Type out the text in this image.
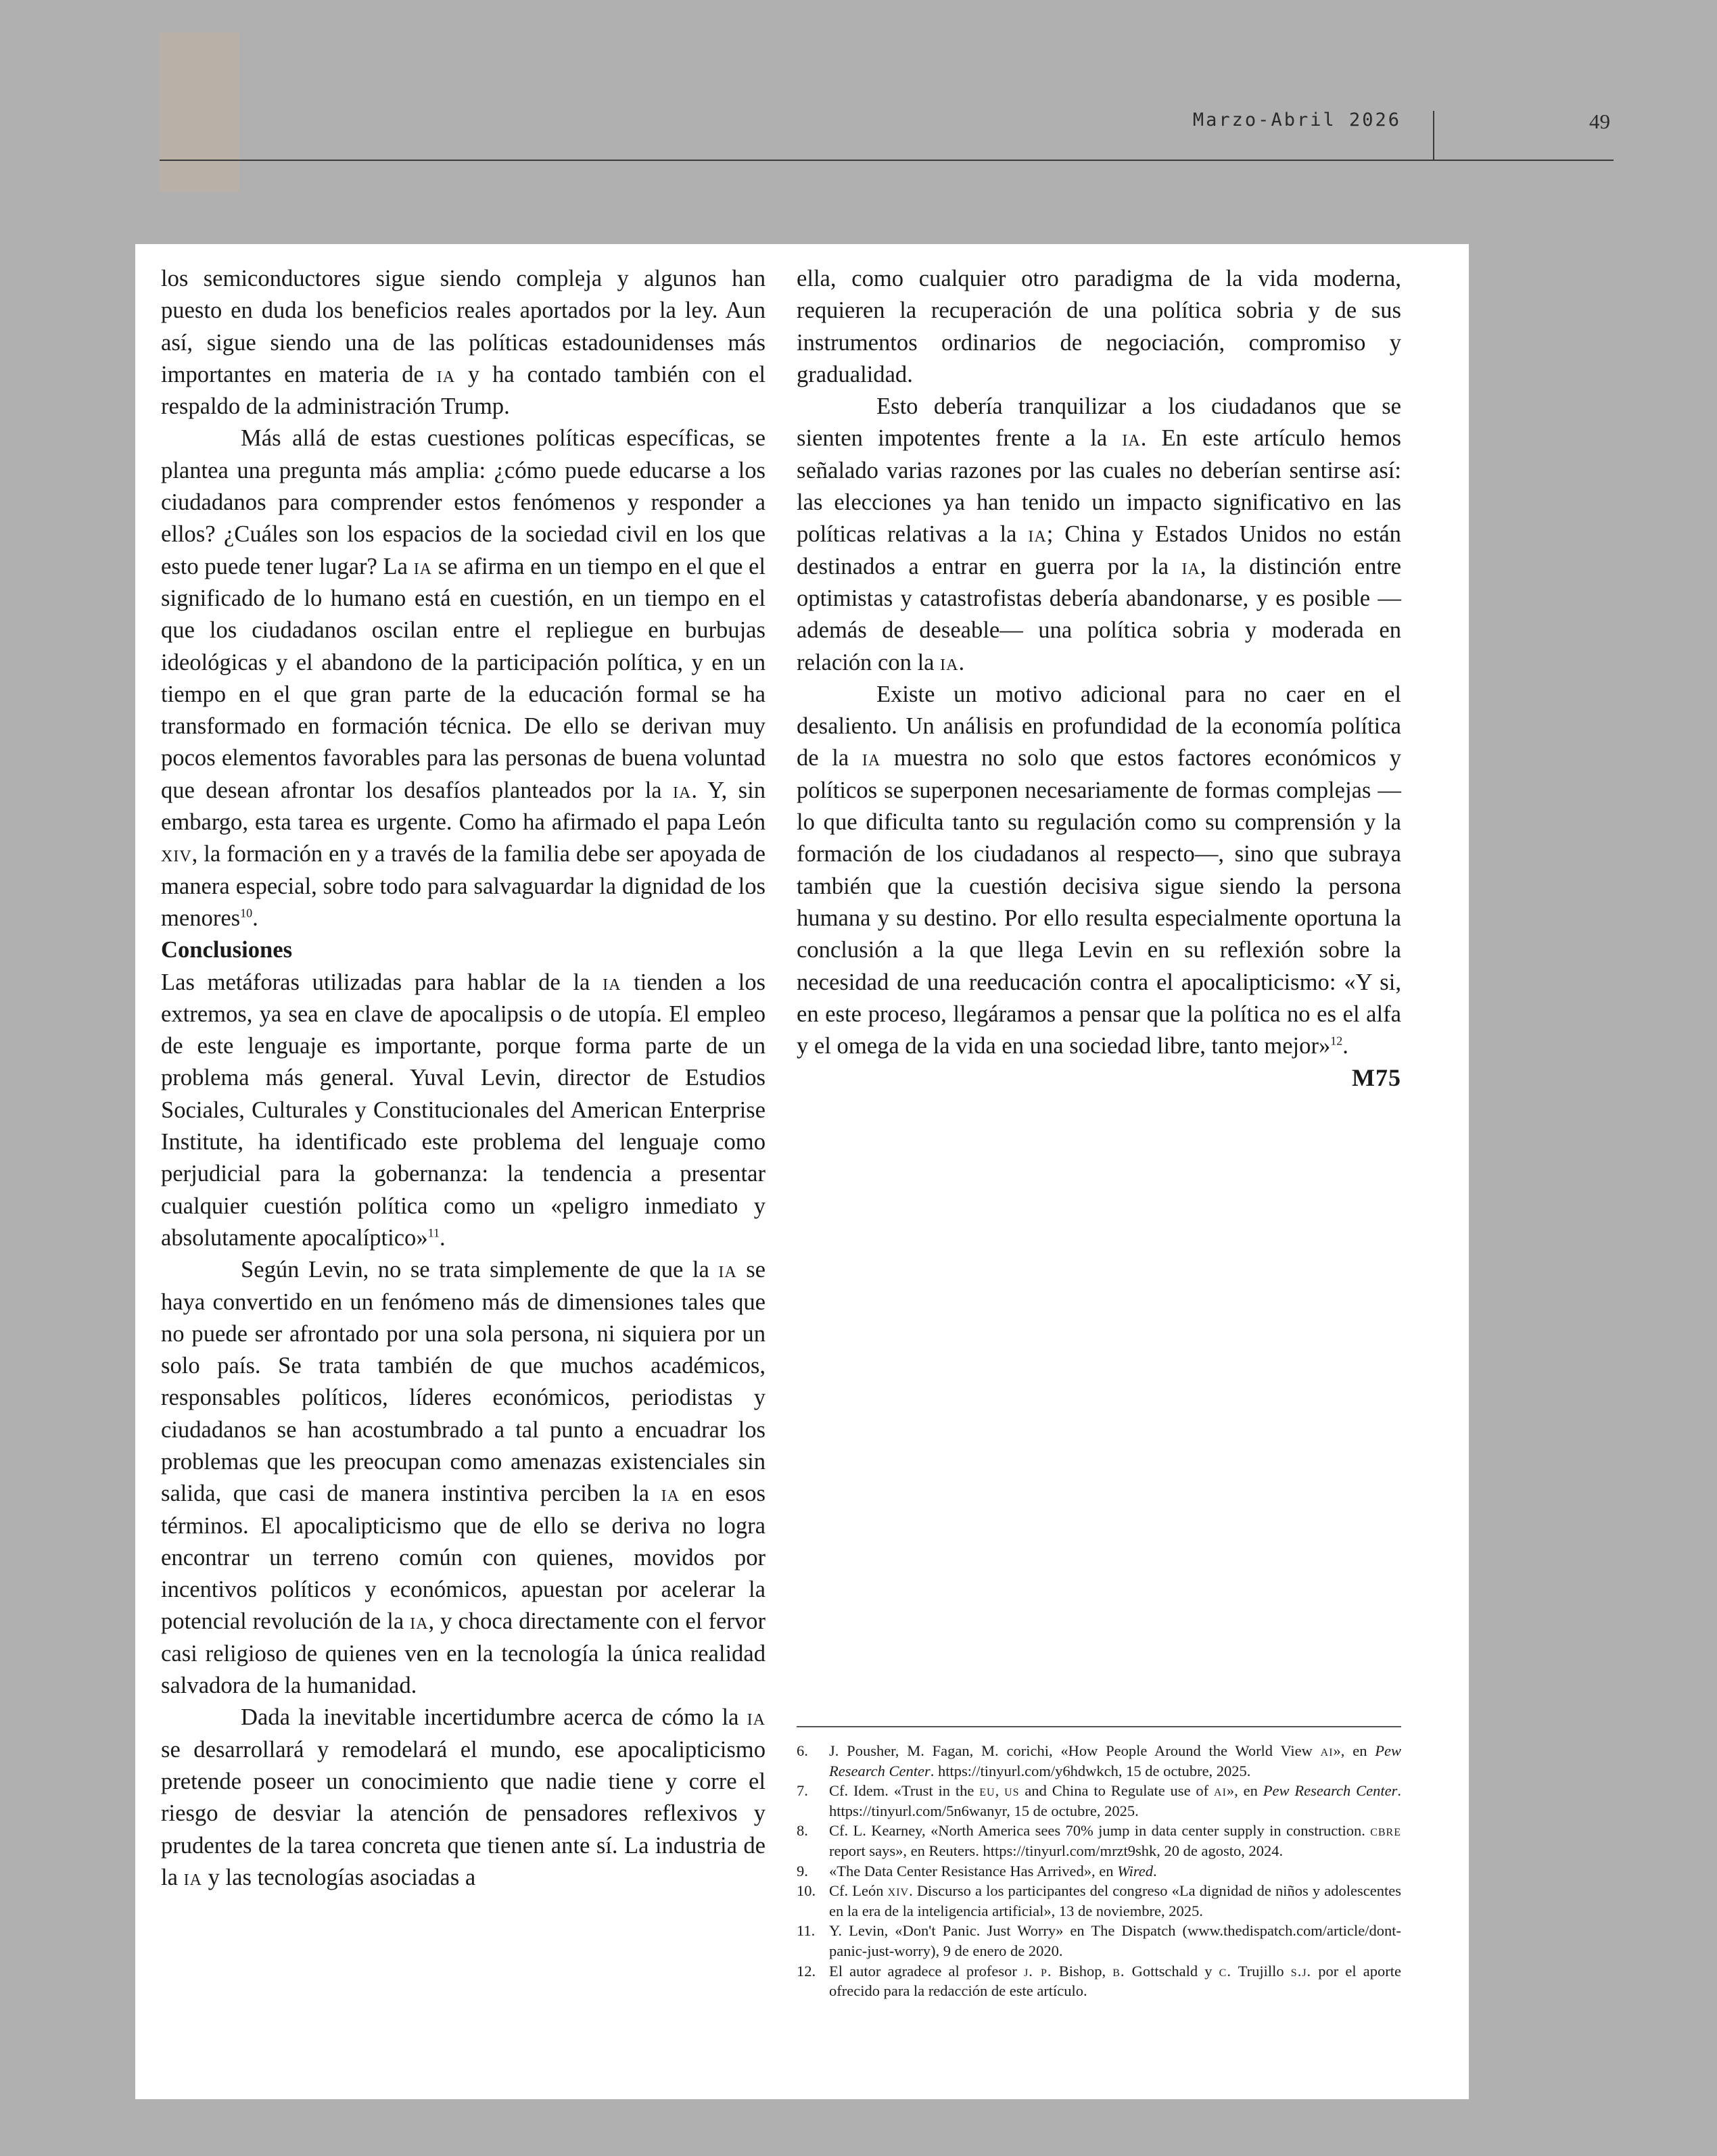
Marzo-Abril 2026	49

los semiconductores sigue siendo compleja y algunos han puesto en duda los beneficios reales aportados por la ley. Aun así, sigue siendo una de las políticas estadounidenses más importantes en materia de ia y ha contado también con el respaldo de la administración Trump.

Más allá de estas cuestiones políticas específicas, se plantea una pregunta más amplia: ¿cómo puede educarse a los ciudadanos para comprender estos fenómenos y responder a ellos? ¿Cuáles son los espacios de la sociedad civil en los que esto puede tener lugar? La ia se afirma en un tiempo en el que el significado de lo humano está en cuestión, en un tiempo en el que los ciudadanos oscilan entre el repliegue en burbujas ideológicas y el abandono de la participación política, y en un tiempo en el que gran parte de la educación formal se ha transformado en formación técnica. De ello se derivan muy pocos elementos favorables para las personas de buena voluntad que desean afrontar los desafíos planteados por la ia. Y, sin embargo, esta tarea es urgente. Como ha afirmado el papa León xiv, la formación en y a través de la familia debe ser apoyada de manera especial, sobre todo para salvaguardar la dignidad de los menores$^{10}$.

Conclusiones

Las metáforas utilizadas para hablar de la ia tienden a los extremos, ya sea en clave de apocalipsis o de utopía. El empleo de este lenguaje es importante, porque forma parte de un problema más general. Yuval Levin, director de Estudios Sociales, Culturales y Constitucionales del American Enterprise Institute, ha identificado este problema del lenguaje como perjudicial para la gobernanza: la tendencia a presentar cualquier cuestión política como un «peligro inmediato y absolutamente apocalíptico»$^{11}$.

Según Levin, no se trata simplemente de que la ia se haya convertido en un fenómeno más de dimensiones tales que no puede ser afrontado por una sola persona, ni siquiera por un solo país. Se trata también de que muchos académicos, responsables políticos, líderes económicos, periodistas y ciudadanos se han acostumbrado a tal punto a encuadrar los problemas que les preocupan como amenazas existenciales sin salida, que casi de manera instintiva perciben la ia en esos términos. El apocalipticismo que de ello se deriva no logra encontrar un terreno común con quienes, movidos por incentivos políticos y económicos, apuestan por acelerar la potencial revolución de la ia, y choca directamente con el fervor casi religioso de quienes ven en la tecnología la única realidad salvadora de la humanidad.

Dada la inevitable incertidumbre acerca de cómo la ia se desarrollará y remodelará el mundo, ese apocalipticismo pretende poseer un conocimiento que nadie tiene y corre el riesgo de desviar la atención de pensadores reflexivos y prudentes de la tarea concreta que tienen ante sí. La industria de la ia y las tecnologías asociadas a

ella, como cualquier otro paradigma de la vida moderna, requieren la recuperación de una política sobria y de sus instrumentos ordinarios de negociación, compromiso y gradualidad.

Esto debería tranquilizar a los ciudadanos que se sienten impotentes frente a la ia. En este artículo hemos señalado varias razones por las cuales no deberían sentirse así: las elecciones ya han tenido un impacto significativo en las políticas relativas a la ia; China y Estados Unidos no están destinados a entrar en guerra por la ia, la distinción entre optimistas y catastrofistas debería abandonarse, y es posible —además de deseable— una política sobria y moderada en relación con la ia.

Existe un motivo adicional para no caer en el desaliento. Un análisis en profundidad de la economía política de la ia muestra no solo que estos factores económicos y políticos se superponen necesariamente de formas complejas —lo que dificulta tanto su regulación como su comprensión y la formación de los ciudadanos al respecto—, sino que subraya también que la cuestión decisiva sigue siendo la persona humana y su destino. Por ello resulta especialmente oportuna la conclusión a la que llega Levin en su reflexión sobre la necesidad de una reeducación contra el apocalipticismo: «Y si, en este proceso, llegáramos a pensar que la política no es el alfa y el omega de la vida en una sociedad libre, tanto mejor»$^{12}$.

M75

6.	J. Pousher, M. Fagan, M. corichi, «How People Around the World View ai», en Pew Research Center. https://tinyurl.com/y6hdwkch, 15 de octubre, 2025.

7.	Cf. Idem. «Trust in the eu, us and China to Regulate use of ai», en Pew Research Center. https://tinyurl.com/5n6wanyr, 15 de octubre, 2025.

8.	Cf. L. Kearney, «North America sees 70% jump in data center supply in construction. cbre report says», en Reuters. https://tinyurl.com/mrzt9shk, 20 de agosto, 2024.

9.	«The Data Center Resistance Has Arrived», en Wired.

10. Cf. León xiv. Discurso a los participantes del congreso «La dignidad de niños y adolescentes en la era de la inteligencia artificial», 13 de noviembre, 2025.

11. Y. Levin, «Don't Panic. Just Worry» en The Dispatch (www.thedispatch.com/article/dont-panic-just-worry), 9 de enero de 2020.

12. El autor agradece al profesor j. p. Bishop, b. Gottschald y c. Trujillo s.j. por el aporte ofrecido para la redacción de este artículo.
